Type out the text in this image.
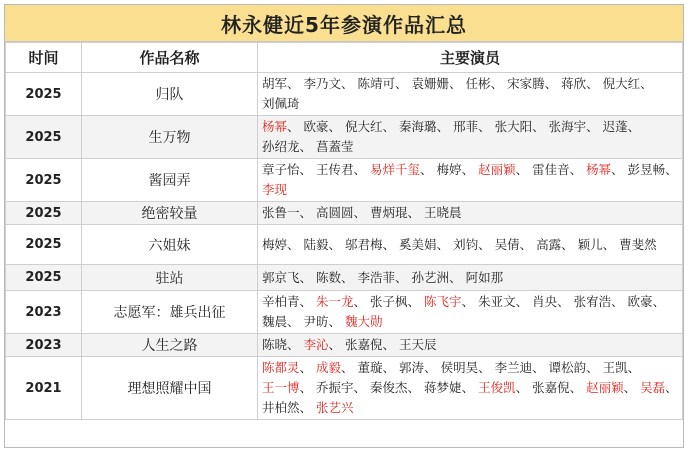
林永健近5年参演作品汇总
时间	作品名称	主要演员
2025	归队	胡军、 李乃文、 陈靖可、 袁姗姗、 任彬、 宋家腾、 蒋欣、 倪大红、 刘佩琦
2025	生万物	杨幂、 欧豪、 倪大红、 秦海璐、 邢菲、 张大阳、 张海宇、 迟蓬、 孙绍龙、 菖蓋莹
2025	酱园弄	章子怡、 王传君、 易烊千玺、 梅婷、 赵丽颖、 雷佳音、 杨幂、 彭昱畅、 李现
2025	绝密较量	张鲁一、 高圆圆、 曹炳琨、 王晓晨
2025	六姐妹	梅婷、 陆毅、 邬君梅、 奚美娟、 刘钧、 吴倩、 高露、 颖儿、 曹斐然
2025	驻站	郭京飞、 陈数、 李浩菲、 孙艺洲、 阿如那
2023	志愿军：雄兵出征	辛柏青、 朱一龙、 张子枫、 陈飞宇、 朱亚文、 肖央、 张宥浩、 欧豪、 魏晨、 尹昉、 魏大勋
2023	人生之路	陈晓、 李沁、 张嘉倪、 王天辰
2021	理想照耀中国	陈都灵、 成毅、 董璇、 郭涛、 侯明昊、 李兰迪、 谭松韵、 王凯、 王一博、 乔振宇、 秦俊杰、 蒋梦婕、 王俊凯、 张嘉倪、 赵丽颖、 吴磊、 井柏然、 张艺兴
